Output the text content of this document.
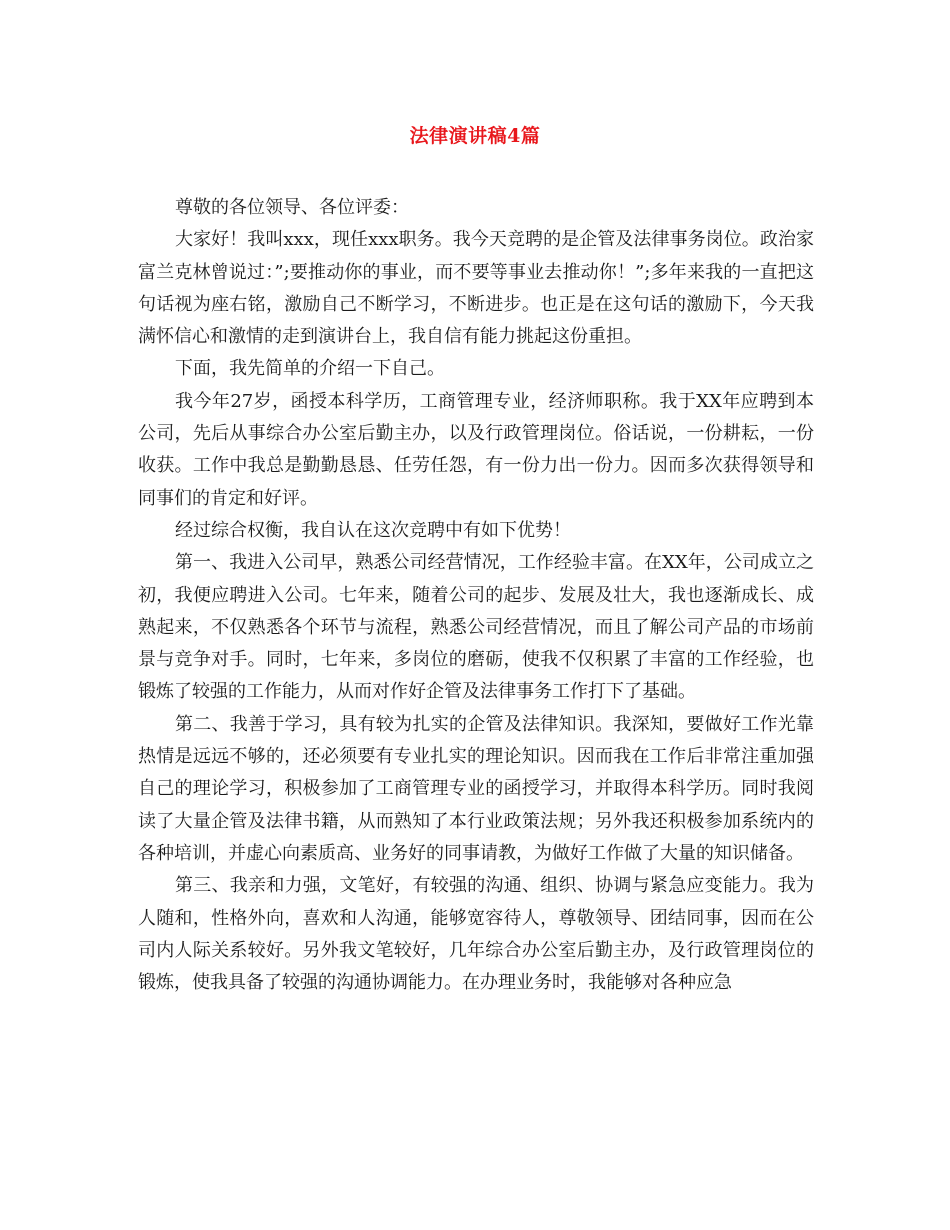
法律演讲稿4篇

尊敬的各位领导、各位评委：

大家好！我叫xxx，现任xxx职务。我今天竞聘的是企管及法律事务岗位。政治家富兰克林曾说过：”;要推动你的事业，而不要等事业去推动你！”;多年来我的一直把这句话视为座右铭，激励自己不断学习，不断进步。也正是在这句话的激励下，今天我满怀信心和激情的走到演讲台上，我自信有能力挑起这份重担。

下面，我先简单的介绍一下自己。

我今年27岁，函授本科学历，工商管理专业，经济师职称。我于XX年应聘到本公司，先后从事综合办公室后勤主办，以及行政管理岗位。俗话说，一份耕耘，一份收获。工作中我总是勤勤恳恳、任劳任怨，有一份力出一份力。因而多次获得领导和同事们的肯定和好评。

经过综合权衡，我自认在这次竞聘中有如下优势！

第一、我进入公司早，熟悉公司经营情况，工作经验丰富。在XX年，公司成立之初，我便应聘进入公司。七年来，随着公司的起步、发展及壮大，我也逐渐成长、成熟起来，不仅熟悉各个环节与流程，熟悉公司经营情况，而且了解公司产品的市场前景与竞争对手。同时，七年来，多岗位的磨砺，使我不仅积累了丰富的工作经验，也锻炼了较强的工作能力，从而对作好企管及法律事务工作打下了基础。

第二、我善于学习，具有较为扎实的企管及法律知识。我深知，要做好工作光靠热情是远远不够的，还必须要有专业扎实的理论知识。因而我在工作后非常注重加强自己的理论学习，积极参加了工商管理专业的函授学习，并取得本科学历。同时我阅读了大量企管及法律书籍，从而熟知了本行业政策法规；另外我还积极参加系统内的各种培训，并虚心向素质高、业务好的同事请教，为做好工作做了大量的知识储备。

第三、我亲和力强，文笔好，有较强的沟通、组织、协调与紧急应变能力。我为人随和，性格外向，喜欢和人沟通，能够宽容待人，尊敬领导、团结同事，因而在公司内人际关系较好。另外我文笔较好，几年综合办公室后勤主办，及行政管理岗位的锻炼，使我具备了较强的沟通协调能力。在办理业务时，我能够对各种应急
